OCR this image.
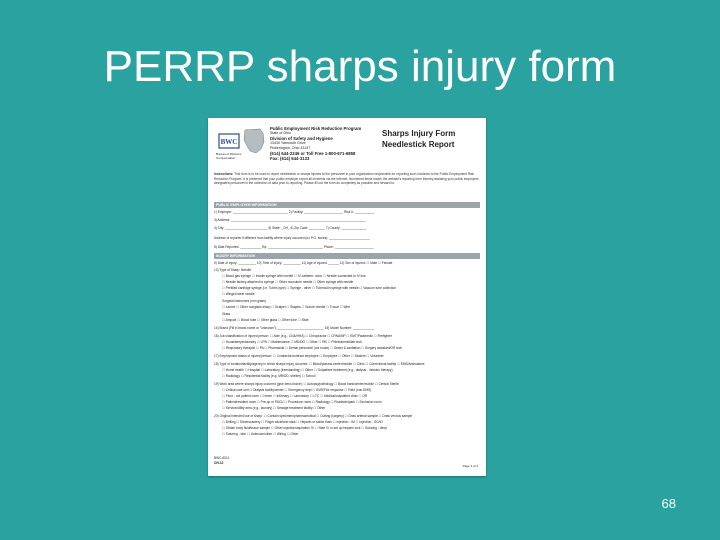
PERRP sharps injury form
BWC
Bureau of Workers' Compensation
Public Employment Risk Reduction Program
State of Ohio
Division of Safety and Hygiene
13430 Yarmouth Drive
Pickerington, Ohio 43147
(614) 644-2246 or Toll Free 1-800-671-6858
Fax: (614) 644-3133
Sharps Injury Form
Needlestick Report
Instructions: This form is to be used to report needlestick or sharps injuries to the personnel in your organization responsible for reporting such incidents to the Public Employment Risk Reduction Program. It is preferred that your public employer report all incidents via the Internet. Numbered items match the website's reporting form thereby assisting your public employers designated personnel in the collection of data prior to reporting. Please fill out the form as completely as possible and forward to:
PUBLIC EMPLOYER INFORMATION
1) Employer: _______________________________ 2) Facility: ______________________ Risk #: ___________
3) Address: ____________________________________________________________________________
4) City: ________________________ 5) State: _OH_ 6) Zip Code: _________ 7) County: ______________
Address of reporter if different from facility where injury occurred (no P.O. boxes): _______________________
8) Date Reported: ____________ By: _______________________________ Phone: ______________________
INJURY INFORMATION
9) Date of injury: __________ 10) Time of injury: __________ 11) Age of injured: ______ 12) Sex of injured: ☐ Male ☐ Female
13) Type of Sharp: Needle
☐ Blood gas syringe ☐ Insulin syringe with needle ☐ IV catheter: none ☐ Needle connected to IV line
☐ Needle factory-attached to syringe ☐ Other nonsuture needle ☐ Other syringe with needle
☐ Prefilled cartridge syringe (i.e. Tubex-type) ☐ Syringe - other ☐ Tuberculin syringe with needle ☐ Vacuum tube collection
☐ Winged steel needle
Surgical instrument (non glass)
☐ Lancet ☐ Other nonglass sharp ☐ Scalpel ☐ Staples ☐ Suture needle ☐ Trocar ☐ Wire
Glass
☐ Ampule ☐ Blood tube ☐ Other glass ☐ Other tube ☐ Slide
14) Brand (Fill in brand name or "unknown"): __________________________ 15) Model Number: ____________
16) Job classification of injured person: ☐ Aide (e.g., CNA/HHA) ☐ Chiropractor ☐ CRNA/NP ☐ EMT/Paramedic ☐ Firefighter
☐ Housekeeper/laundry ☐ LPN ☐ Maintenance ☐ MD/DO ☐ Other ☐ RN ☐ Phlebotomist/lab tech
☐ Respiratory therapist ☐ PA ☐ Pharmacist ☐ Dental personnel (not nurse) ☐ Sewer & sanitation ☐ Surgery assistant/OR tech
17) Employment status of injured person: ☐ Contractor/contract employee ☐ Employee ☐ Other ☐ Student ☐ Volunteer
18) Type of location/facility/agency in which sharps injury occurred: ☐ Blood/plasma center/mobile ☐ Clinic ☐ Correctional facility ☐ EMS/Ambulance
☐ Home health ☐ Hospital ☐ Laboratory (freestanding) ☐ Other ☐ Outpatient treatment (e.g., dialysis - infusion therapy)
☐ Radiology ☐ Residential facility (e.g. MR/DD, shelter) ☐ School
19) Work area where sharps injury occurred (give best choice): ☐ Autopsy/pathology ☐ Blood bank/center/mobile ☐ Central Sterile
☐ Critical care unit ☐ Dialysis facility/center ☐ Emergency dept ☐ EMS/Fire response ☐ Field (non-EMS)
☐ Floor - not patient room ☐ Home ☐ Infirmary ☐ Laboratory ☐ LTC ☐ Medical/outpatient clinic ☐ OR
☐ Patient/resident room ☐ Pre-op or PACU ☐ Procedure room ☐ Radiology ☐ Roadside/park ☐ Seclusion room
☐ Service/utility area (e.g., laundry) ☐ Sewage treatment facility ☐ Other
20) Original intended use of sharp: ☐ Contain specimen/pharmaceutical ☐ Cutting (surgery) ☐ Draw arterial sample ☐ Draw venous sample
☐ Drilling ☐ Electrocautery ☐ Finger stick/heel stick ☐ Heparin or saline flush ☐ Injection - IM ☐ Injection - SC/ID
☐ Obtain body fluid/tissue sample ☐ Other injection/aspiration IV ☐ Start IV or set up heparin lock ☐ Suturing - deep
☐ Suturing - skin ☐ Unknown/other ☐ Wiring ☐ Other
BWC-6011
OH-12
Page 1 of 2
68
